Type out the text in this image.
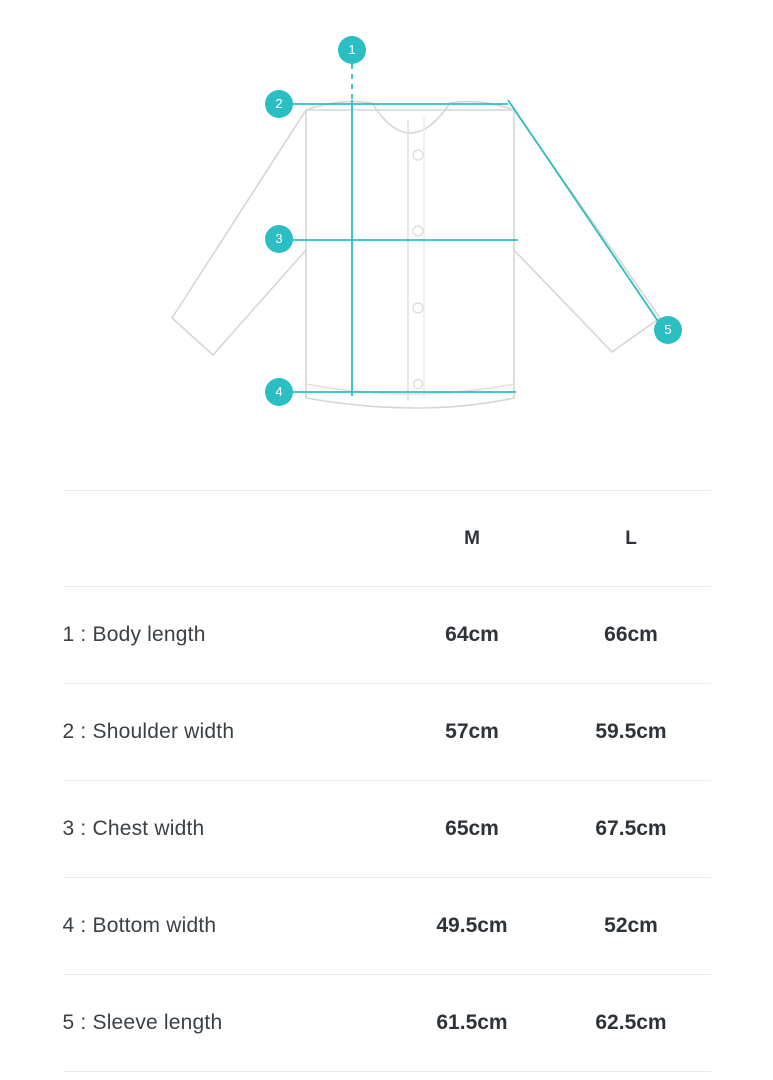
1
2
3
4
5
	M	L
1 : Body length	64cm	66cm
2 : Shoulder width	57cm	59.5cm
3 : Chest width	65cm	67.5cm
4 : Bottom width	49.5cm	52cm
5 : Sleeve length	61.5cm	62.5cm
